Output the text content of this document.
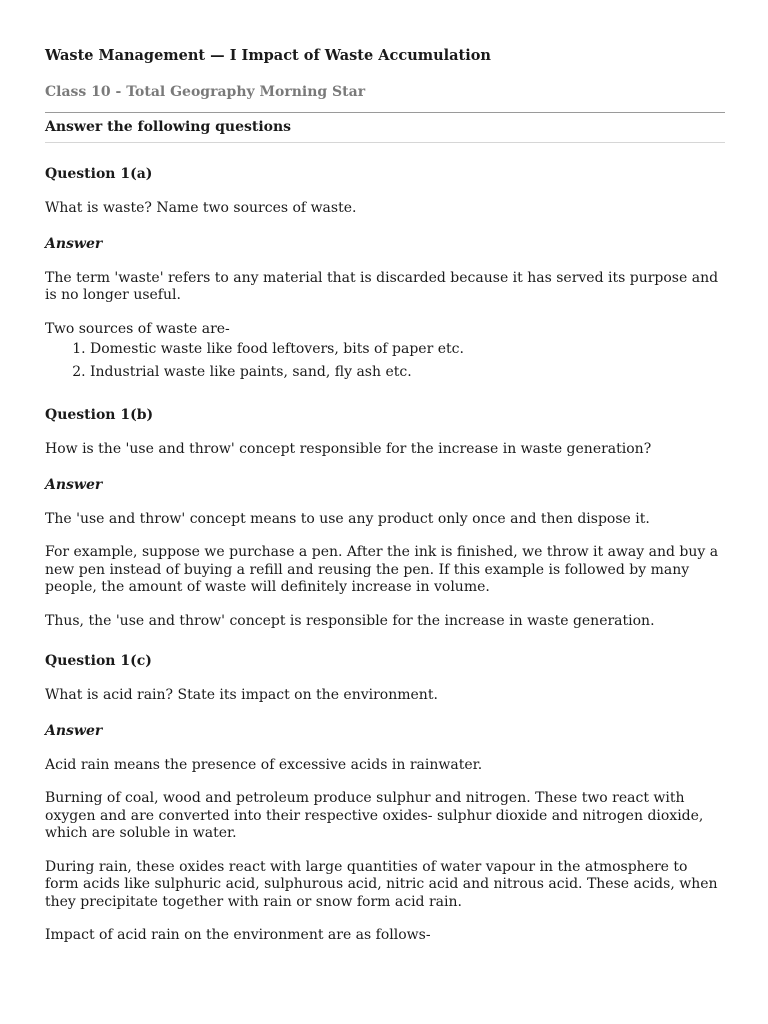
Waste Management — I Impact of Waste Accumulation
Class 10 - Total Geography Morning Star
Answer the following questions
Question 1(a)

What is waste? Name two sources of waste.

Answer

The term 'waste' refers to any material that is discarded because it has served its purpose and is no longer useful.

Two sources of waste are-

1. Domestic waste like food leftovers, bits of paper etc.
2. Industrial waste like paints, sand, fly ash etc.
Question 1(b)

How is the 'use and throw' concept responsible for the increase in waste generation?

Answer

The 'use and throw' concept means to use any product only once and then dispose it.

For example, suppose we purchase a pen. After the ink is finished, we throw it away and buy a new pen instead of buying a refill and reusing the pen. If this example is followed by many people, the amount of waste will definitely increase in volume.

Thus, the 'use and throw' concept is responsible for the increase in waste generation.

Question 1(c)

What is acid rain? State its impact on the environment.

Answer

Acid rain means the presence of excessive acids in rainwater.

Burning of coal, wood and petroleum produce sulphur and nitrogen. These two react with oxygen and are converted into their respective oxides- sulphur dioxide and nitrogen dioxide, which are soluble in water.

During rain, these oxides react with large quantities of water vapour in the atmosphere to form acids like sulphuric acid, sulphurous acid, nitric acid and nitrous acid. These acids, when they precipitate together with rain or snow form acid rain.

Impact of acid rain on the environment are as follows-
